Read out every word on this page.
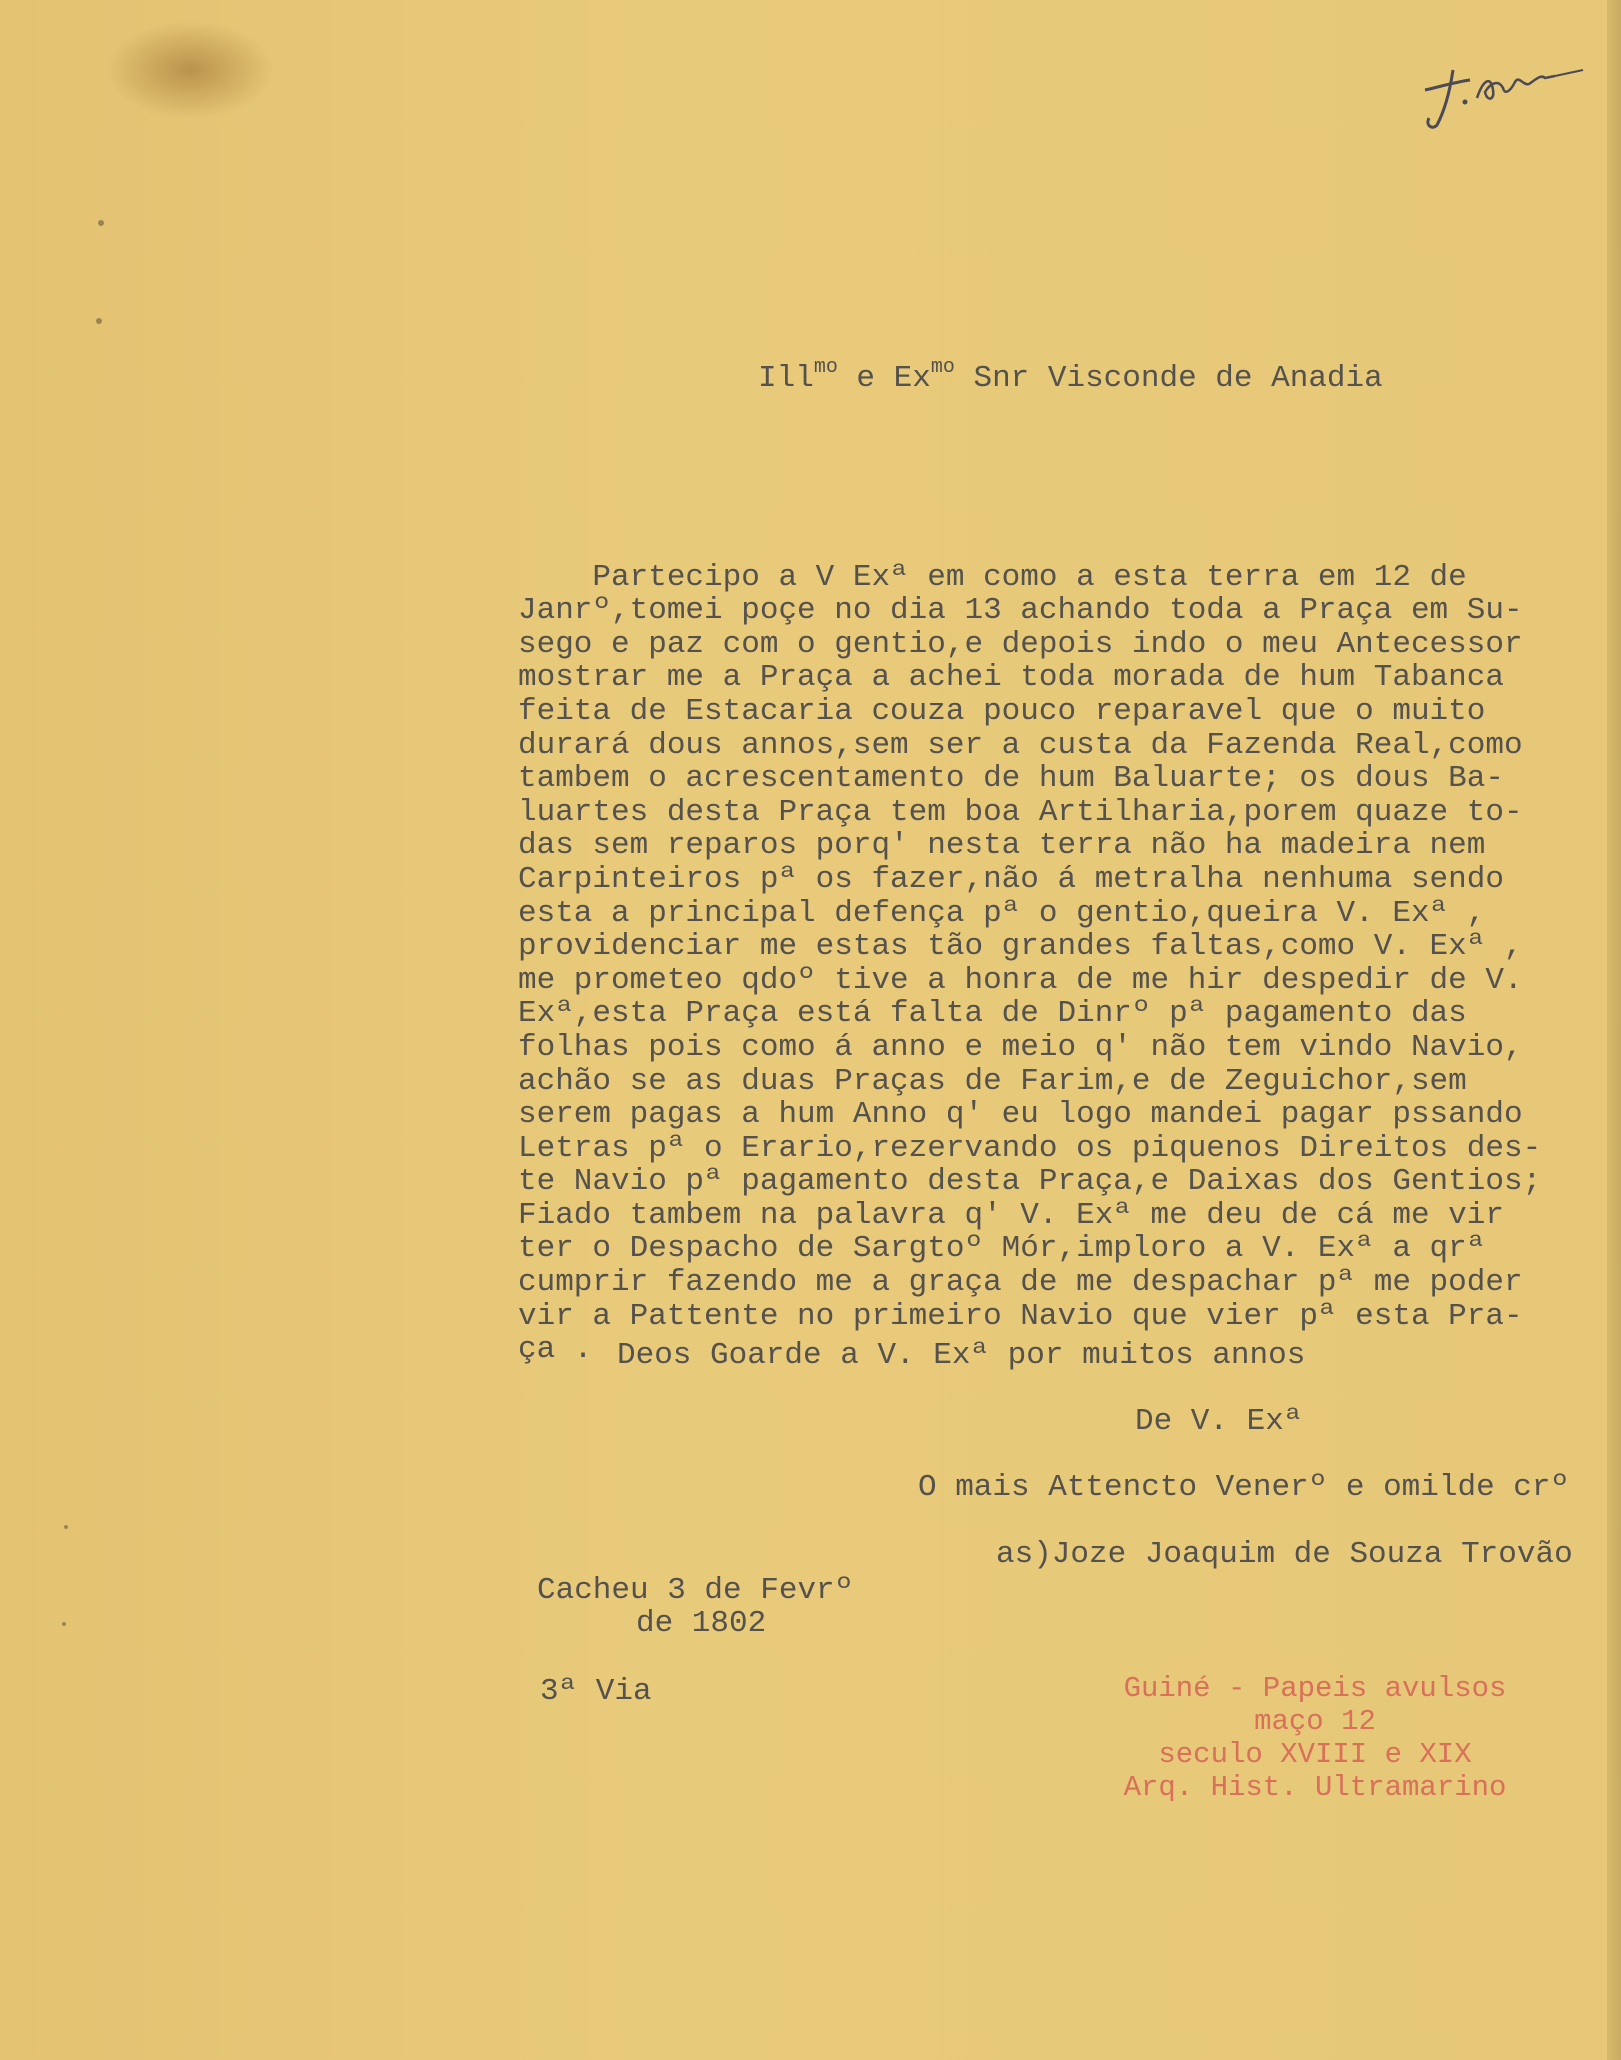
Ill$^{mo}$ e $Ex^{mo}$ Snr Visconde de Anadia

Partecipo a V Exª em como a esta terra em 12 de
Janrº,tomei poçe no dia 13 achando toda a Praça em Su-
sego e paz com o gentio,e depois indo o meu Antecessor
mostrar me a Praça a achei toda morada de hum Tabanca
feita de Estacaria couza pouco reparavel que o muito
durará dous annos,sem ser a custa da Fazenda Real,como
tambem o acrescentamento de hum Baluarte; os dous Ba-
luartes desta Praça tem boa Artilharia,porem quaze to-
das sem reparos porq' nesta terra não ha madeira nem
Carpinteiros pª os fazer,não á metralha nenhuma sendo
esta a principal defença pª o gentio,queira V. Exª ,
providenciar me estas tão grandes faltas,como V. Exª ,
me prometeo qdoº tive a honra de me hir despedir de V.
Exª,esta Praça está falta de Dinrº pª pagamento das
folhas pois como á anno e meio q' não tem vindo Navio,
achão se as duas Praças de Farim,e de Zeguichor,sem
serem pagas a hum Anno q' eu logo mandei pagar pssando
Letras pª o Erario,rezervando os piquenos Direitos des-
te Navio pª pagamento desta Praça,e Daixas dos Gentios;
Fiado tambem na palavra q' V. Exª me deu de cá me vir
ter o Despacho de Sargtoº Mór,imploro a V. Exª a qrª
cumprir fazendo me a graça de me despachar pª me poder
vir a Pattente no primeiro Navio que vier pª esta Pra-
ça .

Deos Goarde a V. Exª por muitos annos
De V. Exª
O mais Attencto Venerº e omilde crº
as)Joze Joaquim de Souza Trovão
Cacheu 3 de Fevrº
de 1802
3ª Via	Guiné - Papeis avulsos
maço 12
seculo XVIII e XIX
Arq. Hist. Ultramarino
